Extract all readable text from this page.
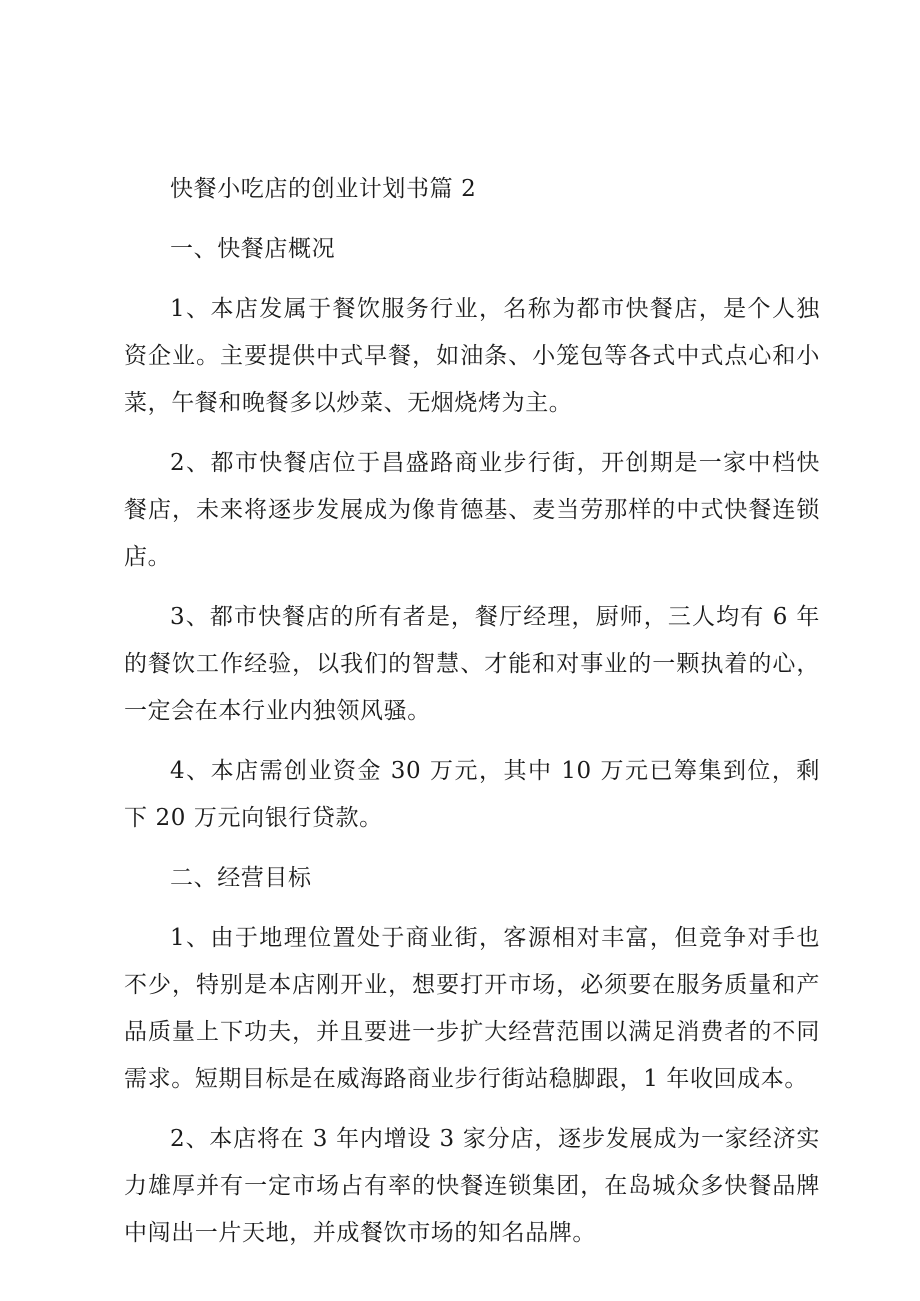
快餐小吃店的创业计划书篇 2

一、快餐店概况

1、本店发属于餐饮服务行业，名称为都市快餐店，是个人独资企业。主要提供中式早餐，如油条、小笼包等各式中式点心和小菜，午餐和晚餐多以炒菜、无烟烧烤为主。

2、都市快餐店位于昌盛路商业步行街，开创期是一家中档快餐店，未来将逐步发展成为像肯德基、麦当劳那样的中式快餐连锁店。

3、都市快餐店的所有者是，餐厅经理，厨师，三人均有 6 年的餐饮工作经验，以我们的智慧、才能和对事业的一颗执着的心，一定会在本行业内独领风骚。

4、本店需创业资金 30 万元，其中 10 万元已筹集到位，剩下 20 万元向银行贷款。

二、经营目标

1、由于地理位置处于商业街，客源相对丰富，但竞争对手也不少，特别是本店刚开业，想要打开市场，必须要在服务质量和产品质量上下功夫，并且要进一步扩大经营范围以满足消费者的不同需求。短期目标是在威海路商业步行街站稳脚跟，1 年收回成本。

2、本店将在 3 年内增设 3 家分店，逐步发展成为一家经济实力雄厚并有一定市场占有率的快餐连锁集团，在岛城众多快餐品牌中闯出一片天地，并成餐饮市场的知名品牌。
